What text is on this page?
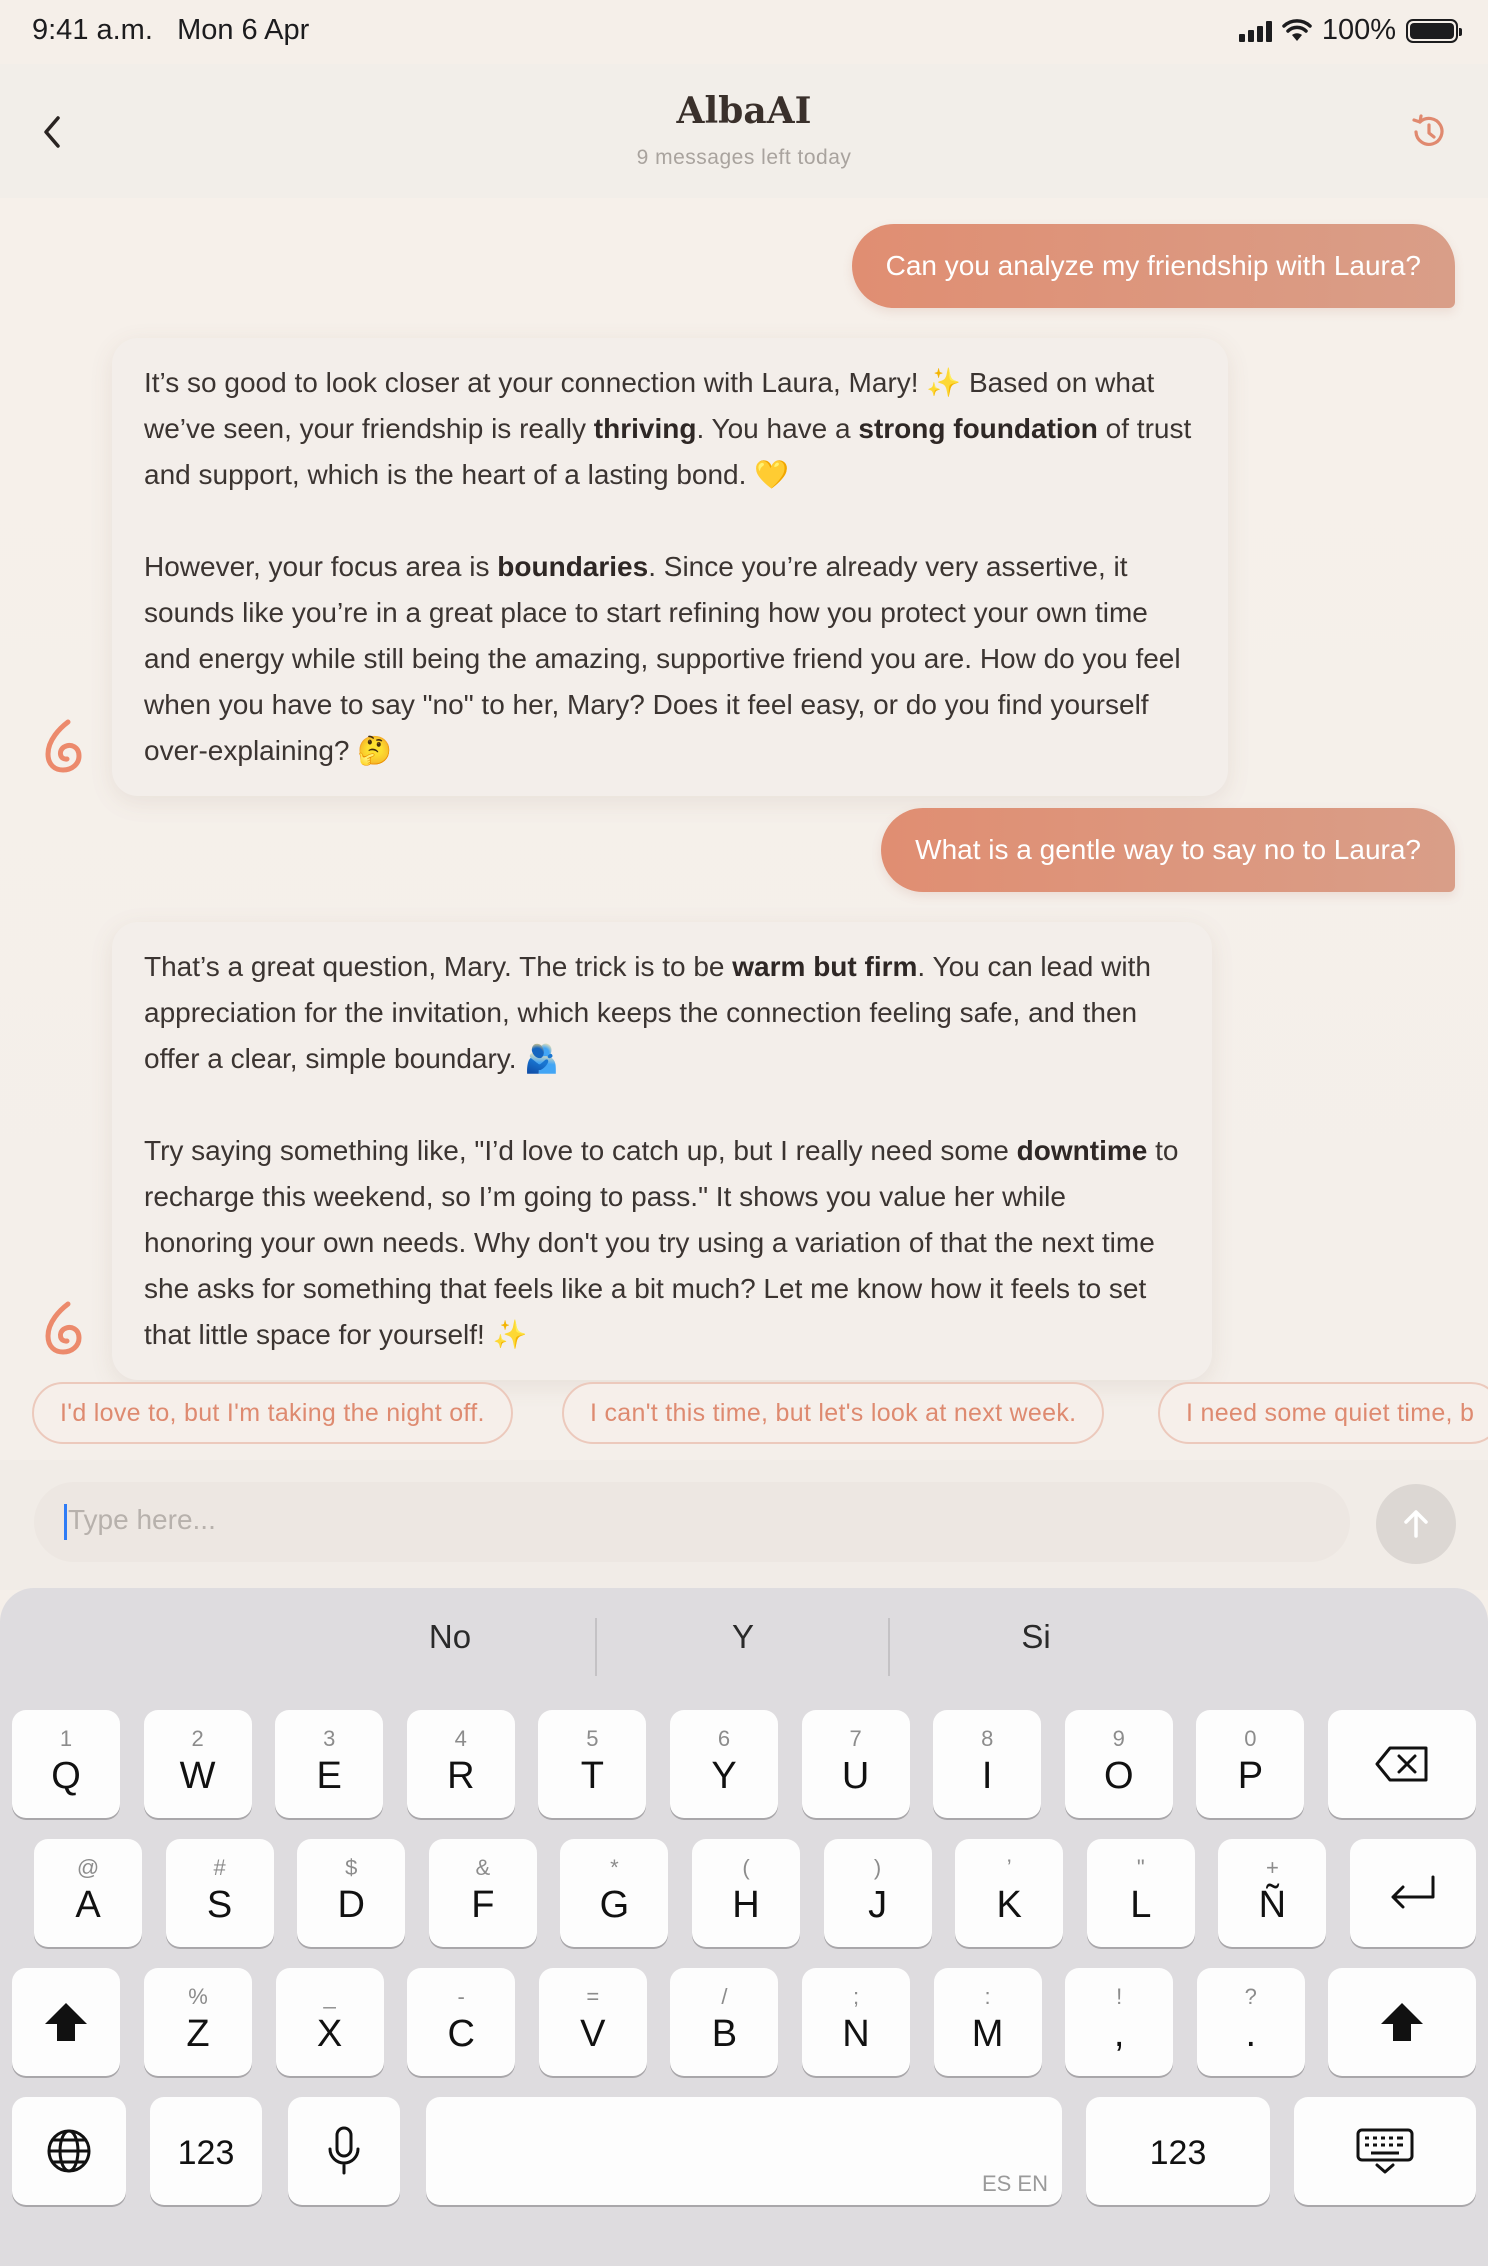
9:41 a.m. Mon 6 Apr	100%
AlbaAI
9 messages left today
Can you analyze my friendship with Laura?

It’s so good to look closer at your connection with Laura, Mary! ✨ Based on what we’ve seen, your friendship is really thriving. You have a strong foundation of trust and support, which is the heart of a lasting bond. 💛

However, your focus area is boundaries. Since you’re already very assertive, it sounds like you’re in a great place to start refining how you protect your own time and energy while still being the amazing, supportive friend you are. How do you feel when you have to say "no" to her, Mary? Does it feel easy, or do you find yourself over-explaining? 🤔

What is a gentle way to say no to Laura?

That’s a great question, Mary. The trick is to be warm but firm. You can lead with appreciation for the invitation, which keeps the connection feeling safe, and then offer a clear, simple boundary. 🫂

Try saying something like, "I’d love to catch up, but I really need some downtime to recharge this weekend, so I’m going to pass." It shows you value her while honoring your own needs. Why don't you try using a variation of that the next time she asks for something that feels like a bit much? Let me know how it feels to set that little space for yourself! ✨

I'd love to, but I'm taking the night off.	I can't this time, but let's look at next week.	I need some quiet time, b
Type here...
No	Y	Si
1
Q
2
W
3
E
4
R
5
T
6
Y
7
U
8
I
9
O
0
P
@
A
#
S
$
D
&
F
*
G
(
H
)
J
’
K
"
L
+
Ñ
%
Z
_
X
-
C
=
V
/
B
;
N
:
M
!
,
?
.
123
ES EN
123
